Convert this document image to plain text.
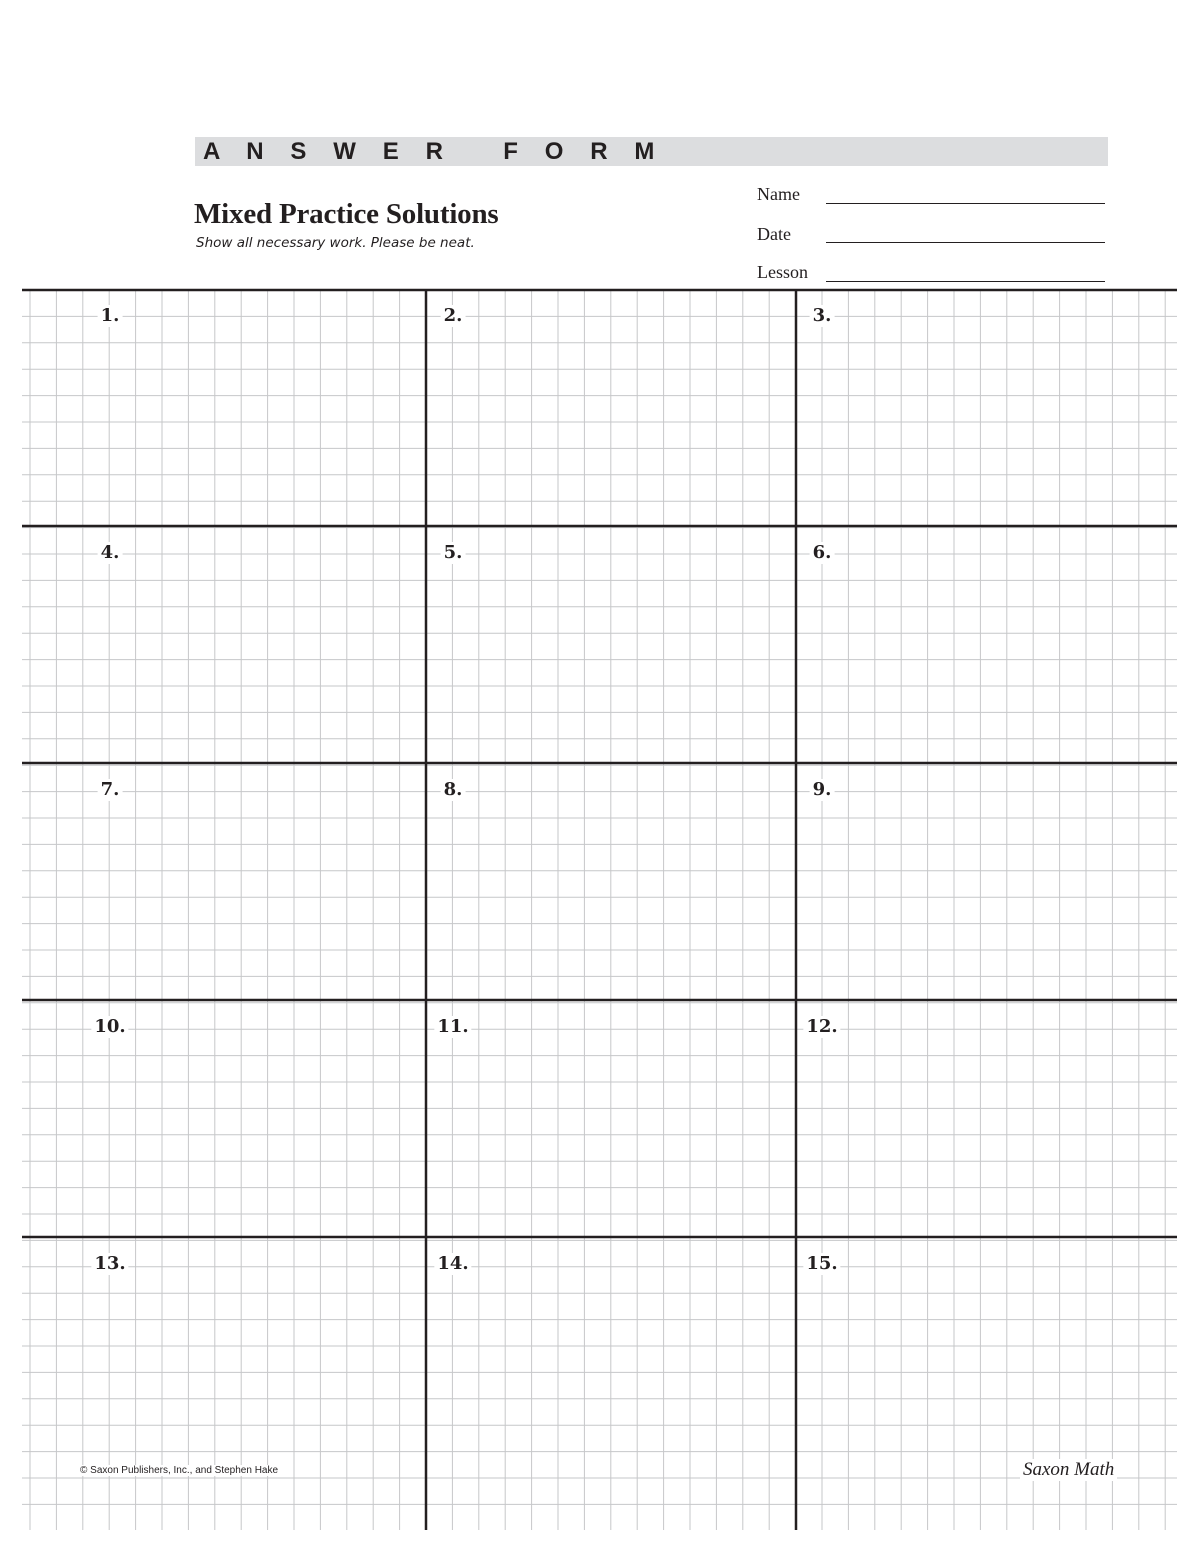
A N S W E R   F O R M
Mixed Practice Solutions
Show all necessary work. Please be neat.
Name
Date
Lesson
1.	2.	3.
4.	5.	6.
7.	8.	9.
10.	11.	12.
13.	14.	15.
© Saxon Publishers, Inc., and Stephen Hake	Saxon Math
